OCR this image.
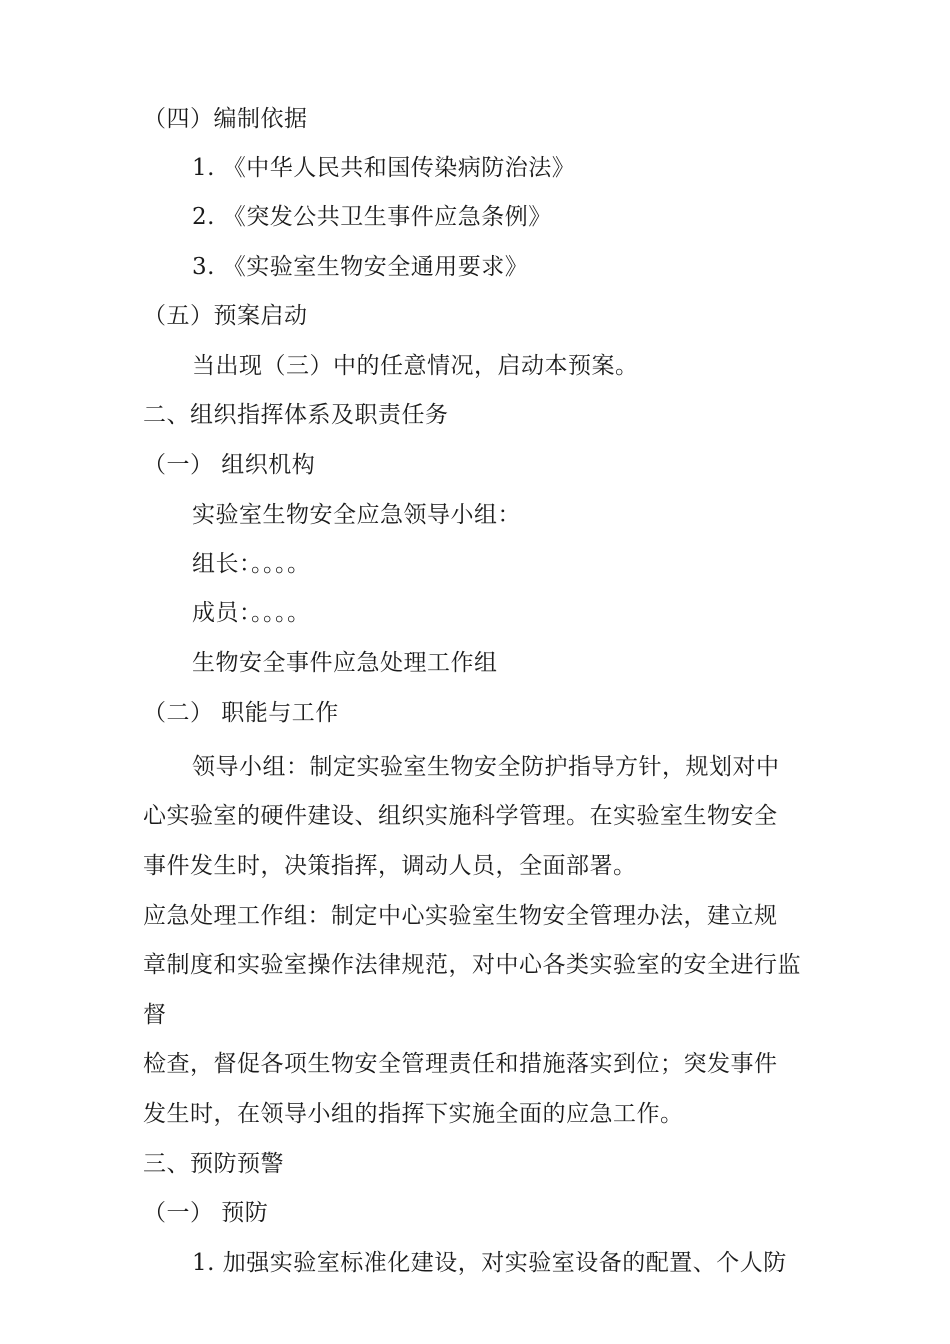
（四）编制依据
1. 《中华人民共和国传染病防治法》
2. 《突发公共卫生事件应急条例》
3. 《实验室生物安全通用要求》
（五）预案启动
当出现（三）中的任意情况，启动本预案。
二、组织指挥体系及职责任务
（一） 组织机构
实验室生物安全应急领导小组：
组长：。。。。
成员：。。。。
生物安全事件应急处理工作组
（二） 职能与工作
领导小组：制定实验室生物安全防护指导方针，规划对中
心实验室的硬件建设、组织实施科学管理。在实验室生物安全
事件发生时，决策指挥，调动人员，全面部署。
应急处理工作组：制定中心实验室生物安全管理办法，建立规
章制度和实验室操作法律规范，对中心各类实验室的安全进行监
督
检查，督促各项生物安全管理责任和措施落实到位；突发事件
发生时，在领导小组的指挥下实施全面的应急工作。
三、预防预警
（一） 预防
1. 加强实验室标准化建设，对实验室设备的配置、个人防
